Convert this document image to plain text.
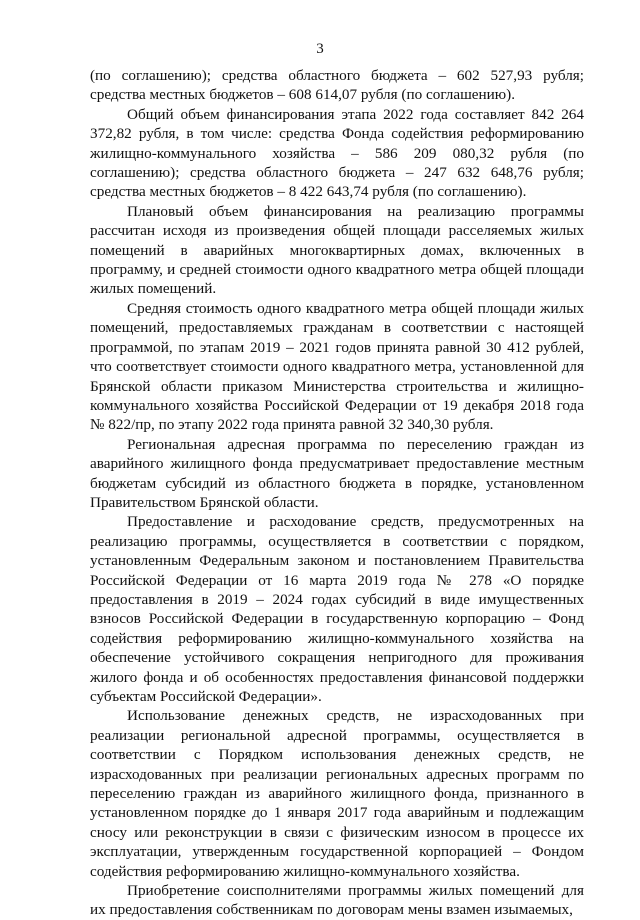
3

(по соглашению); средства областного бюджета – 602 527,93 рубля; средства местных бюджетов – 608 614,07 рубля (по соглашению).

Общий объем финансирования этапа 2022 года составляет 842 264 372,82 рубля, в том числе: средства Фонда содействия реформированию жилищно-коммунального хозяйства – 586 209 080,32 рубля (по соглашению); средства областного бюджета – 247 632 648,76 рубля; средства местных бюджетов – 8 422 643,74 рубля (по соглашению).

Плановый объем финансирования на реализацию программы рассчитан исходя из произведения общей площади расселяемых жилых помещений в аварийных многоквартирных домах, включенных в программу, и средней стоимости одного квадратного метра общей площади жилых помещений.

Средняя стоимость одного квадратного метра общей площади жилых помещений, предоставляемых гражданам в соответствии с настоящей программой, по этапам 2019 – 2021 годов принята равной 30 412 рублей, что соответствует стоимости одного квадратного метра, установленной для Брянской области приказом Министерства строительства и жилищно-коммунального хозяйства Российской Федерации от 19 декабря 2018 года № 822/пр, по этапу 2022 года принята равной 32 340,30 рубля.

Региональная адресная программа по переселению граждан из аварийного жилищного фонда предусматривает предоставление местным бюджетам субсидий из областного бюджета в порядке, установленном Правительством Брянской области.

Предоставление и расходование средств, предусмотренных на реализацию программы, осуществляется в соответствии с порядком, установленным Федеральным законом и постановлением Правительства Российской Федерации от 16 марта 2019 года № 278 «О порядке предоставления в 2019 – 2024 годах субсидий в виде имущественных взносов Российской Федерации в государственную корпорацию – Фонд содействия реформированию жилищно-коммунального хозяйства на обеспечение устойчивого сокращения непригодного для проживания жилого фонда и об особенностях предоставления финансовой поддержки субъектам Российской Федерации».

Использование денежных средств, не израсходованных при реализации региональной адресной программы, осуществляется в соответствии с Порядком использования денежных средств, не израсходованных при реализации региональных адресных программ по переселению граждан из аварийного жилищного фонда, признанного в установленном порядке до 1 января 2017 года аварийным и подлежащим сносу или реконструкции в связи с физическим износом в процессе их эксплуатации, утвержденным государственной корпорацией – Фондом содействия реформированию жилищно-коммунального хозяйства.

Приобретение соисполнителями программы жилых помещений для их предоставления собственникам по договорам мены взамен изымаемых,
